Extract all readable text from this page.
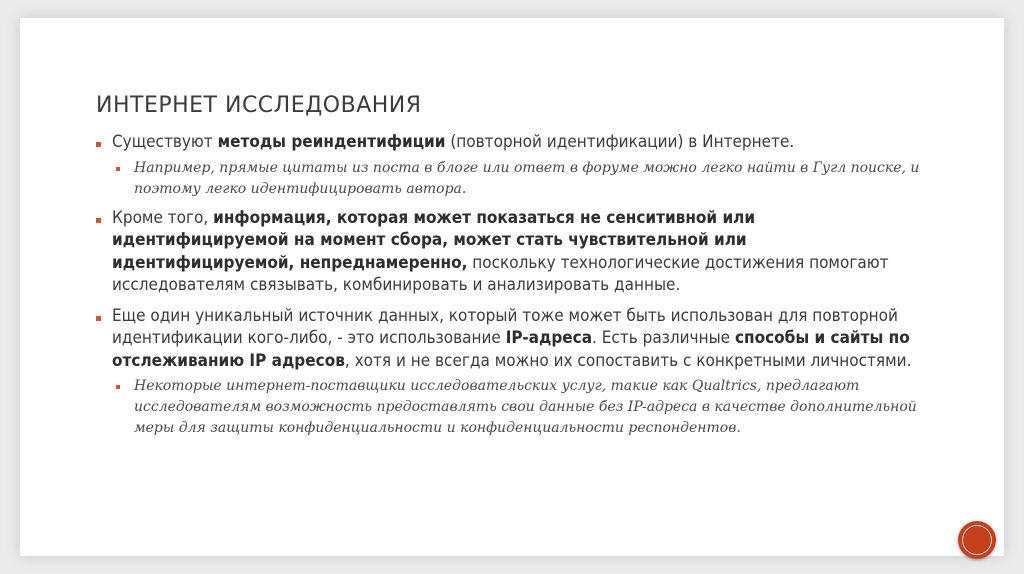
ИНТЕРНЕТ ИССЛЕДОВАНИЯ
Существуют методы реиндентифиции (повторной идентификации) в Интернете.
Например, прямые цитаты из поста в блоге или ответ в форуме можно легко найти в Гугл поиске, и поэтому легко идентифицировать автора.
Кроме того, информация, которая может показаться не сенситивной или идентифицируемой на момент сбора, может стать чувствительной или идентифицируемой, непреднамеренно, поскольку технологические достижения помогают исследователям связывать, комбинировать и анализировать данные.
Еще один уникальный источник данных, который тоже может быть использован для повторной идентификации кого-либо, - это использование IP-адреса. Есть различные способы и сайты по отслеживанию IP адресов, хотя и не всегда можно их сопоставить с конкретными личностями.
Некоторые интернет-поставщики исследовательских услуг, такие как Qualtrics, предлагают исследователям возможность предоставлять свои данные без IP-адреса в качестве дополнительной меры для защиты конфиденциальности и конфиденциальности респондентов.
